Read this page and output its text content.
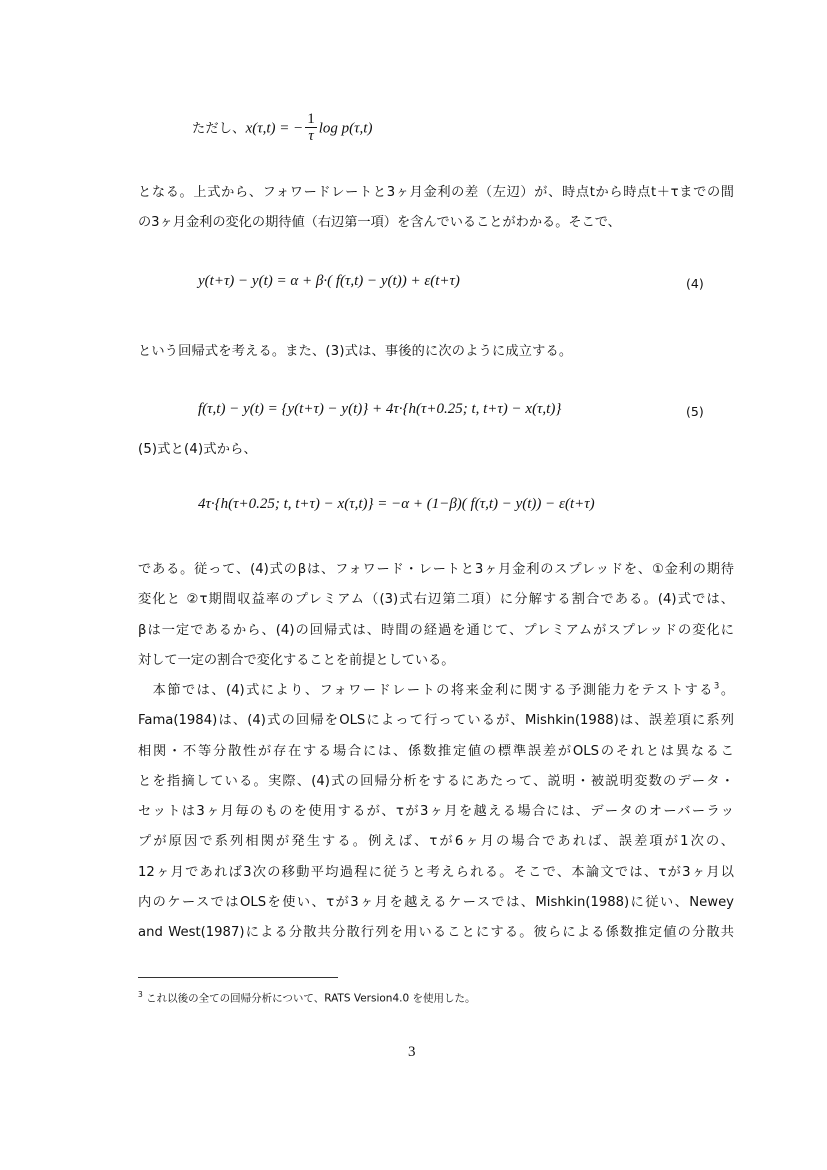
ただし、x(τ,t) = − $\frac{1}{\tau}$ log p(τ,t)
となる。上式から、フォワードレートと3ヶ月金利の差（左辺）が、時点tから時点t＋τまでの間
の3ヶ月金利の変化の期待値（右辺第一項）を含んでいることがわかる。そこで、
y(t+τ) − y(t) = α + β·( f(τ,t) − y(t)) + ε(t+τ)	(4)
という回帰式を考える。また、(3)式は、事後的に次のように成立する。
f(τ,t) − y(t) = {y(t+τ) − y(t)} + 4τ·{h(τ+0.25; t, t+τ) − x(τ,t)}	(5)
(5)式と(4)式から、
4τ·{h(τ+0.25; t, t+τ) − x(τ,t)} = −α + (1−β)( f(τ,t) − y(t)) − ε(t+τ)
である。従って、(4)式のβは、フォワード・レートと3ヶ月金利のスプレッドを、①金利の期待
変化と ②τ期間収益率のプレミアム（(3)式右辺第二項）に分解する割合である。(4)式では、
βは一定であるから、(4)の回帰式は、時間の経過を通じて、プレミアムがスプレッドの変化に
対して一定の割合で変化することを前提としている。
　本節では、(4)式により、フォワードレートの将来金利に関する予測能力をテストする$^3$。
Fama(1984)は、(4)式の回帰をOLSによって行っているが、Mishkin(1988)は、誤差項に系列
相関・不等分散性が存在する場合には、係数推定値の標準誤差がOLSのそれとは異なるこ
とを指摘している。実際、(4)式の回帰分析をするにあたって、説明・被説明変数のデータ・
セットは3ヶ月毎のものを使用するが、τが3ヶ月を越える場合には、データのオーバーラッ
プが原因で系列相関が発生する。例えば、τが6ヶ月の場合であれば、誤差項が1次の、
12ヶ月であれば3次の移動平均過程に従うと考えられる。そこで、本論文では、τが3ヶ月以
内のケースではOLSを使い、τが3ヶ月を越えるケースでは、Mishkin(1988)に従い、Newey
and West(1987)による分散共分散行列を用いることにする。彼らによる係数推定値の分散共
$^3$ これ以後の全ての回帰分析について、RATS Version4.0 を使用した。
3
